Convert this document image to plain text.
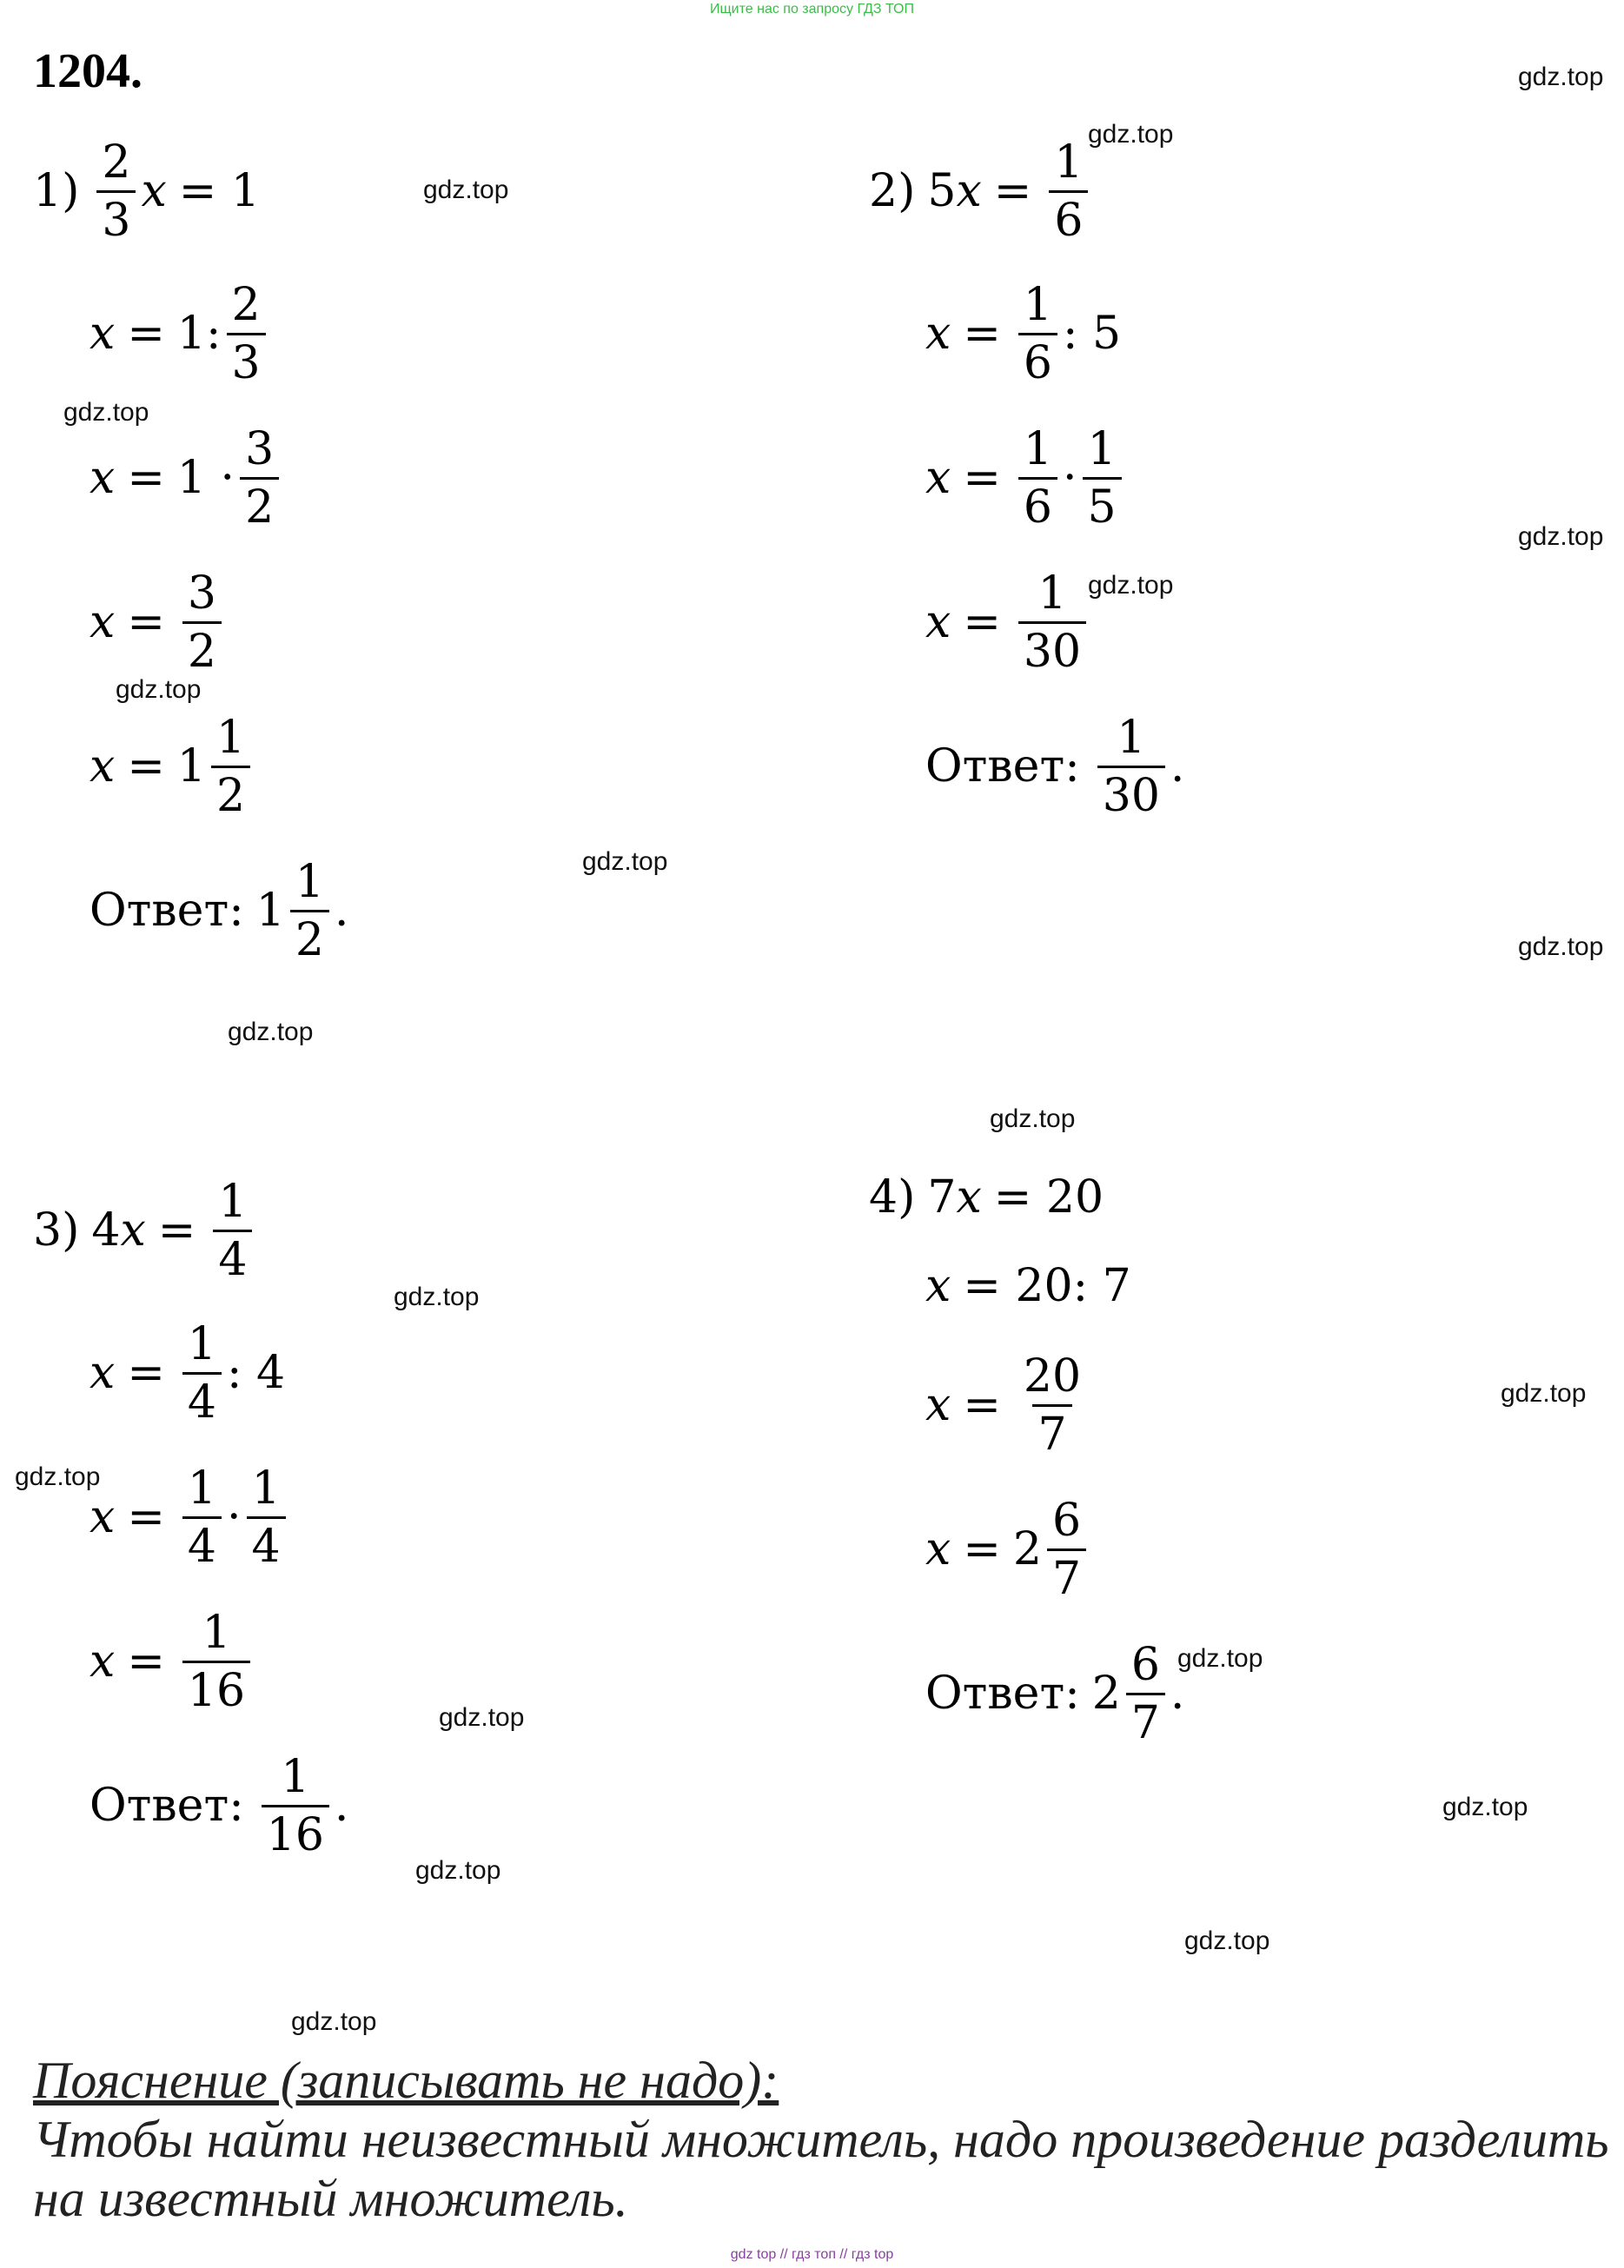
Ищите нас по запросу ГДЗ ТОП
1204.	gdz.top
gdz.top
gdz.top
gdz.top
gdz.top
gdz.top
gdz.top
gdz.top
gdz.top
gdz.top
gdz.top
gdz.top
gdz.top
gdz.top
gdz.top
gdz.top
gdz.top
gdz.top
gdz.top
gdz.top
$1) \frac{2}{3}$ x = 1
x = 1: $\frac{2}{3}$
$x = 1 \cdot \frac{3}{2}$
$x = \frac{3}{2}$
$x = 1 \frac{1}{2}$
Ответ: $1 \frac{1}{2}$ .
2) 5 $x = \frac{1}{6}$
$x = \frac{1}{6}$ : 5
$x = \frac{1}{6} \cdot \frac{1}{5}$
$x = \frac{1}{30}$
Ответ: $\frac{1}{30}$ .
3) 4 $x = \frac{1}{4}$
$x = \frac{1}{4}$ : 4
$x = \frac{1}{4} \cdot \frac{1}{4}$
$x = \frac{1}{16}$
Ответ: $\frac{1}{16}$ .
4) 7 x = 20
x = 20: 7
$x = \frac{20}{7}$
$x = 2 \frac{6}{7}$
Ответ: $2 \frac{6}{7}$ .
Пояснение (записывать не надо):
Чтобы найти неизвестный множитель, надо произведение разделить
на известный множитель.
gdz top // гдз топ // гдз top
